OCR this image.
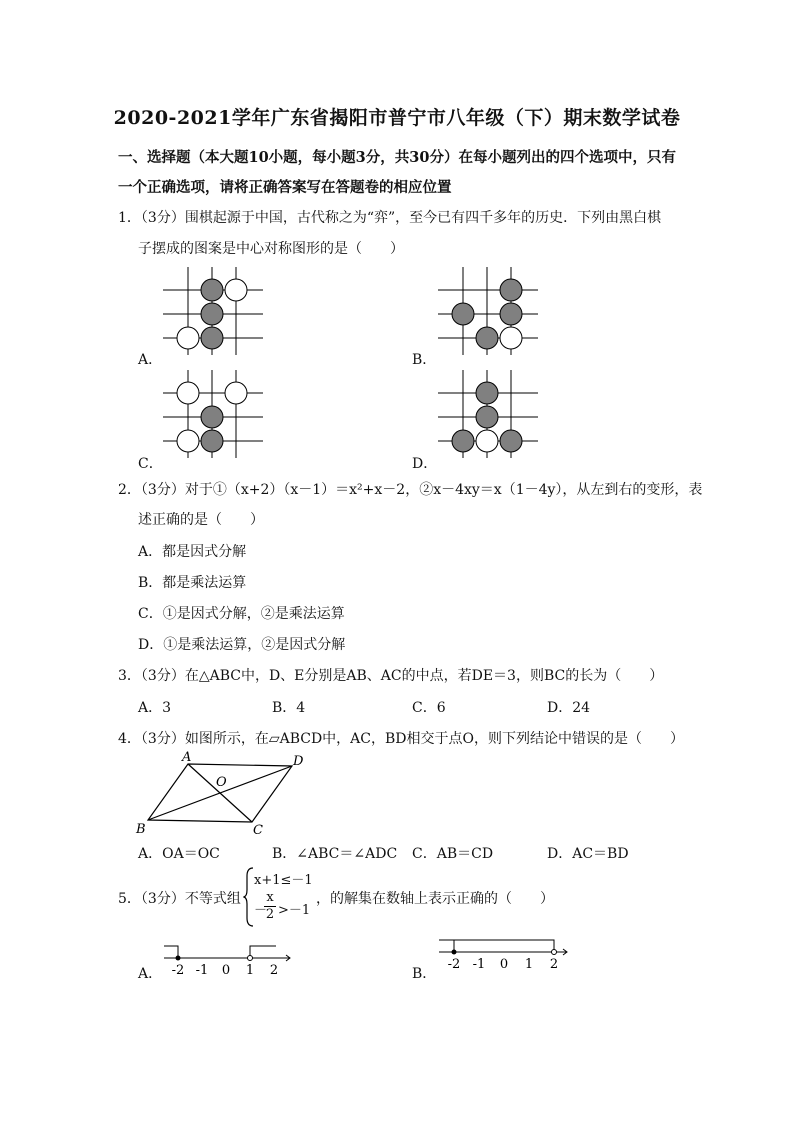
2020-2021学年广东省揭阳市普宁市八年级（下）期末数学试卷
一、选择题（本大题10小题，每小题3分，共30分）在每小题列出的四个选项中，只有
一个正确选项，请将正确答案写在答题卷的相应位置
1．（3分）围棋起源于中国，古代称之为“弈”，至今已有四千多年的历史．下列由黑白棋
子摆成的图案是中心对称图形的是（　　）
A．	B．
C．	D．
2．（3分）对于①（x+2）（x－1）＝x²+x－2，②x－4xy＝x（1－4y），从左到右的变形，表
述正确的是（　　）
A．都是因式分解
B．都是乘法运算
C．①是因式分解，②是乘法运算
D．①是乘法运算，②是因式分解
3．（3分）在△ABC中，D、E分别是AB、AC的中点，若DE＝3，则BC的长为（　　）
A．3	B．4	C．6	D．24
4．（3分）如图所示，在▱ABCD中，AC，BD相交于点O，则下列结论中错误的是（　　）
A	D
O
B	C
A．OA＝OC	B．∠ABC＝∠ADC C．AB＝CD	D．AC＝BD
5．（3分）不等式组
x+1≤－1
－
x
2 >－1
，的解集在数轴上表示正确的（　　）
A． -2 -1 0 1 2	B．
-2 -1 0 1 2
